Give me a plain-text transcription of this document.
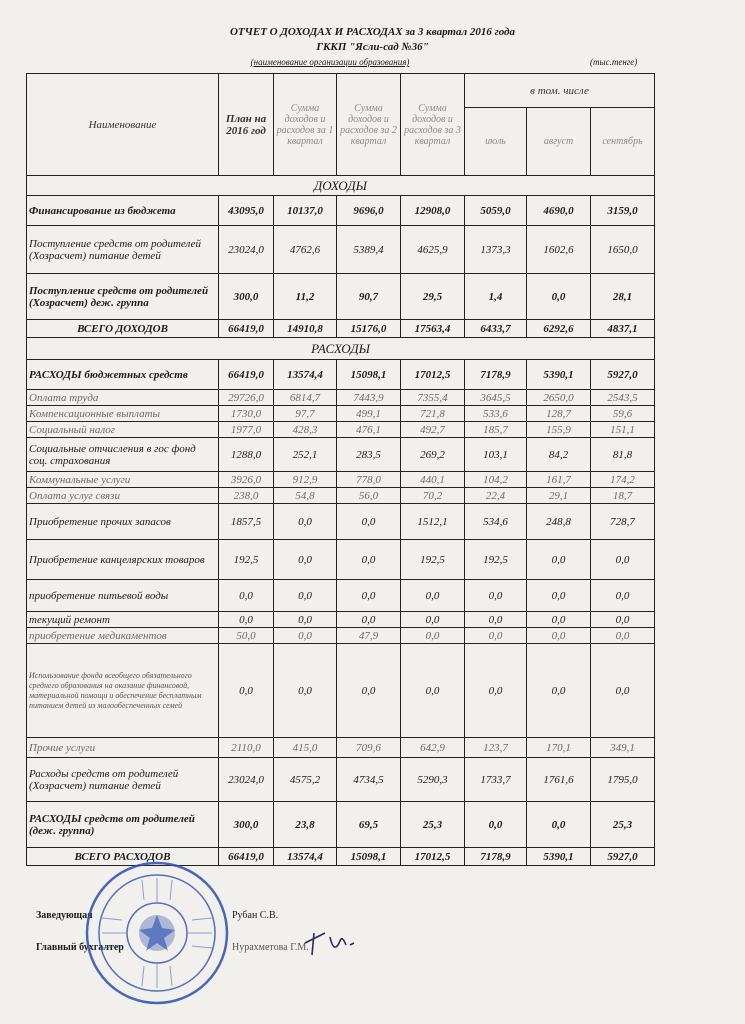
ОТЧЕТ О ДОХОДАХ И РАСХОДАХ за 3 квартал 2016 года
ГККП "Ясли-сад №36"
(наименование организации образования)	(тыс.тенге)
Наименование	План на 2016 год	Сумма доходов и расходов за 1 квартал	Сумма доходов и расходов за 2 квартал	Сумма доходов и расходов за 3 квартал	в том. числе		
					июль	август	сентябрь
ДОХОДЫ							
Финансирование из бюджета	43095,0	10137,0	9696,0	12908,0	5059,0	4690,0	3159,0
Поступление средств от родителей (Хозрасчет) питание детей	23024,0	4762,6	5389,4	4625,9	1373,3	1602,6	1650,0
Поступление средств от родителей (Хозрасчет) деж. группа	300,0	11,2	90,7	29,5	1,4	0,0	28,1
ВСЕГО ДОХОДОВ	66419,0	14910,8	15176,0	17563,4	6433,7	6292,6	4837,1
РАСХОДЫ							
РАСХОДЫ бюджетных средств	66419,0	13574,4	15098,1	17012,5	7178,9	5390,1	5927,0
Оплата труда	29726,0	6814,7	7443,9	7355,4	3645,5	2650,0	2543,5
Компенсационные выплаты	1730,0	97,7	499,1	721,8	533,6	128,7	59,6
Социальный налог	1977,0	428,3	476,1	492,7	185,7	155,9	151,1
Социальные отчисления в гос фонд соц. страхования	1288,0	252,1	283,5	269,2	103,1	84,2	81,8
Коммунальные услуги	3926,0	912,9	778,0	440,1	104,2	161,7	174,2
Оплата услуг связи	238,0	54,8	56,0	70,2	22,4	29,1	18,7
Приобретение прочих запасов	1857,5	0,0	0,0	1512,1	534,6	248,8	728,7
Приобретение канцелярских товаров	192,5	0,0	0,0	192,5	192,5	0,0	0,0
приобретение питьевой воды	0,0	0,0	0,0	0,0	0,0	0,0	0,0
текущий ремонт	0,0	0,0	0,0	0,0	0,0	0,0	0,0
приобретение медикаментов	50,0	0,0	47,9	0,0	0,0	0,0	0,0
Использование фонда всеобщего обязательного среднего образования на оказание финансовой, материальной помощи и обеспечение бесплатным питанием детей из малообеспеченных семей	0,0	0,0	0,0	0,0	0,0	0,0	0,0
Прочие услуги	2110,0	415,0	709,6	642,9	123,7	170,1	349,1
Расходы средств от родителей (Хозрасчет) питание детей	23024,0	4575,2	4734,5	5290,3	1733,7	1761,6	1795,0
РАСХОДЫ средств от родителей (деж. группа)	300,0	23,8	69,5	25,3	0,0	0,0	25,3
ВСЕГО РАСХОДОВ	66419,0	13574,4	15098,1	17012,5	7178,9	5390,1	5927,0
Заведующая	Рубан С.В.
Главный бухгалтер	Нурахметова Г.М.
